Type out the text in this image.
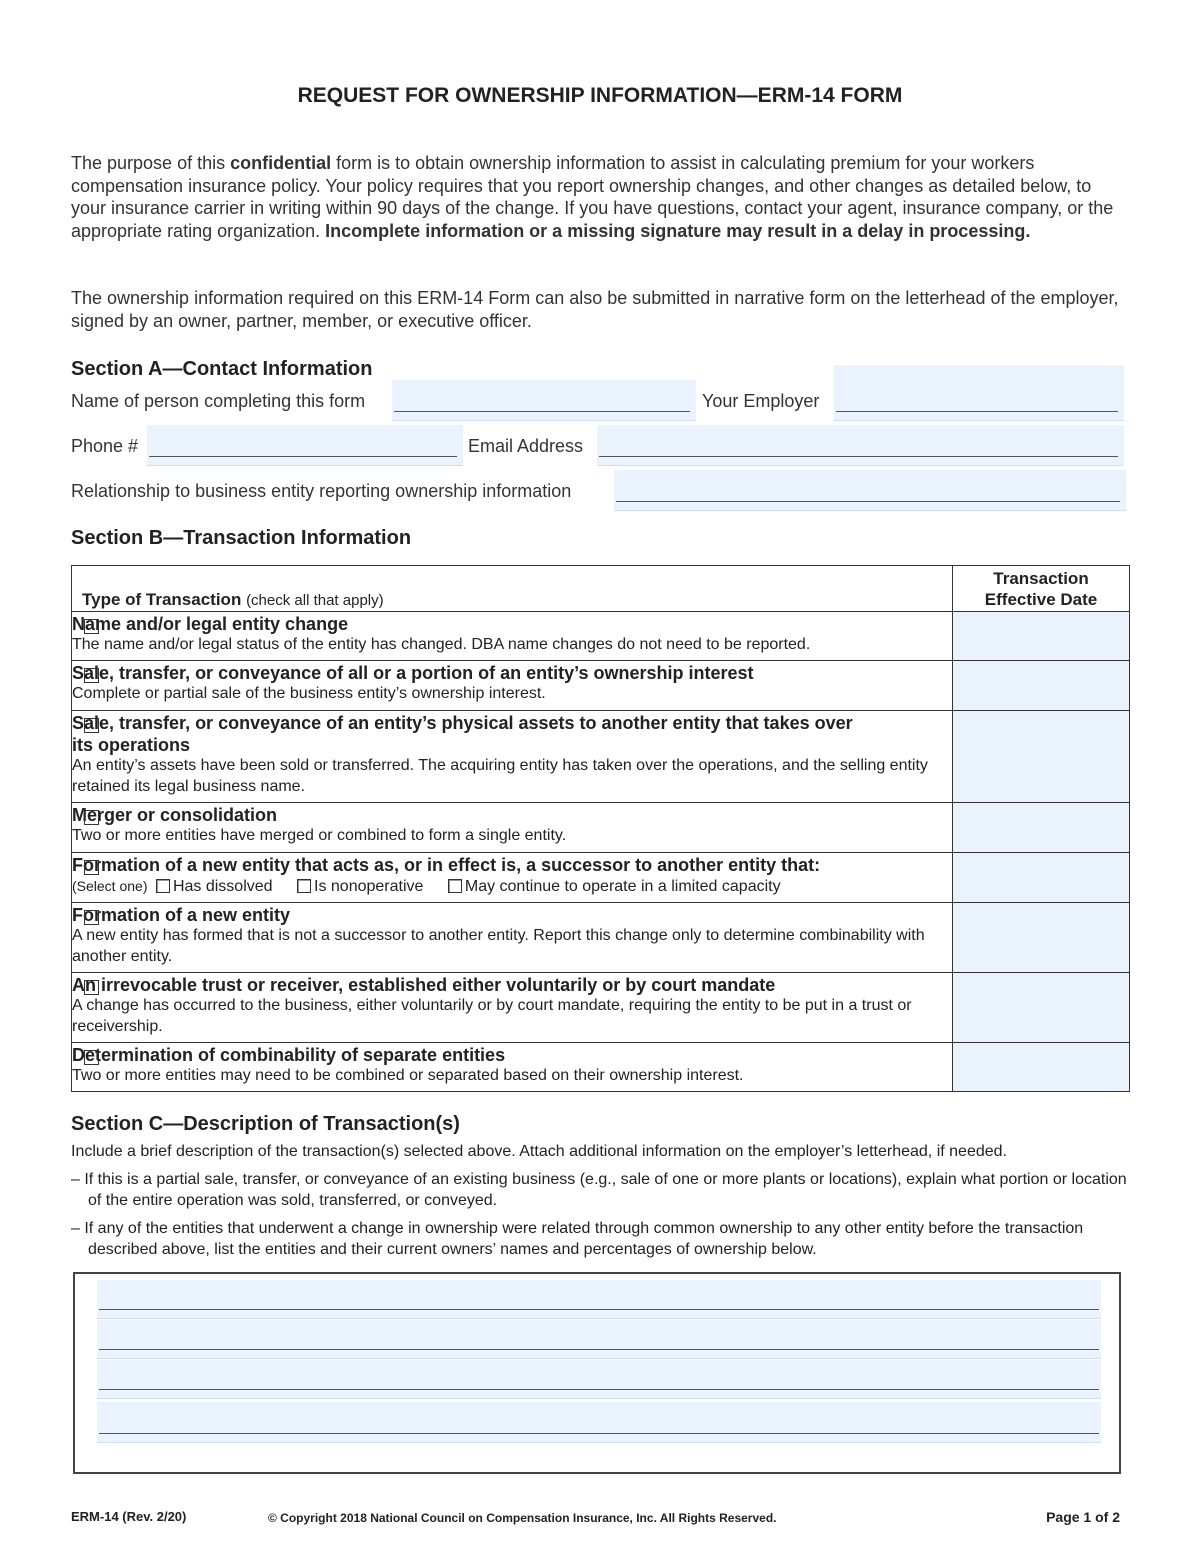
REQUEST FOR OWNERSHIP INFORMATION—ERM-14 FORM
The purpose of this confidential form is to obtain ownership information to assist in calculating premium for your workers compensation insurance policy. Your policy requires that you report ownership changes, and other changes as detailed below, to your insurance carrier in writing within 90 days of the change. If you have questions, contact your agent, insurance company, or the appropriate rating organization. Incomplete information or a missing signature may result in a delay in processing.
The ownership information required on this ERM-14 Form can also be submitted in narrative form on the letterhead of the employer, signed by an owner, partner, member, or executive officer.
Section A—Contact Information
Name of person completing this form	Your Employer
Phone #	Email Address
Relationship to business entity reporting ownership information
Section B—Transaction Information
Type of Transaction (check all that apply)	Transaction
Effective Date

Name and/or legal entity change
The name and/or legal status of the entity has changed. DBA name changes do not need to be reported.	

Sale, transfer, or conveyance of all or a portion of an entity’s ownership interest
Complete or partial sale of the business entity’s ownership interest.	

Sale, transfer, or conveyance of an entity’s physical assets to another entity that takes over its operations
An entity’s assets have been sold or transferred. The acquiring entity has taken over the operations, and the selling entity retained its legal business name.	

Merger or consolidation
Two or more entities have merged or combined to form a single entity.	

Formation of a new entity that acts as, or in effect is, a successor to another entity that:
(Select one) Has dissolved Is nonoperative May continue to operate in a limited capacity	

Formation of a new entity
A new entity has formed that is not a successor to another entity. Report this change only to determine combinability with another entity.	

An irrevocable trust or receiver, established either voluntarily or by court mandate
A change has occurred to the business, either voluntarily or by court mandate, requiring the entity to be put in a trust or receivership.	

Determination of combinability of separate entities
Two or more entities may need to be combined or separated based on their ownership interest.	

Section C—Description of Transaction(s)
Include a brief description of the transaction(s) selected above. Attach additional information on the employer’s letterhead, if needed.
– If this is a partial sale, transfer, or conveyance of an existing business (e.g., sale of one or more plants or locations), explain what portion or location of the entire operation was sold, transferred, or conveyed.
– If any of the entities that underwent a change in ownership were related through common ownership to any other entity before the transaction described above, list the entities and their current owners’ names and percentages of ownership below.
ERM-14 (Rev. 2/20)	© Copyright 2018 National Council on Compensation Insurance, Inc. All Rights Reserved.	Page 1 of 2
